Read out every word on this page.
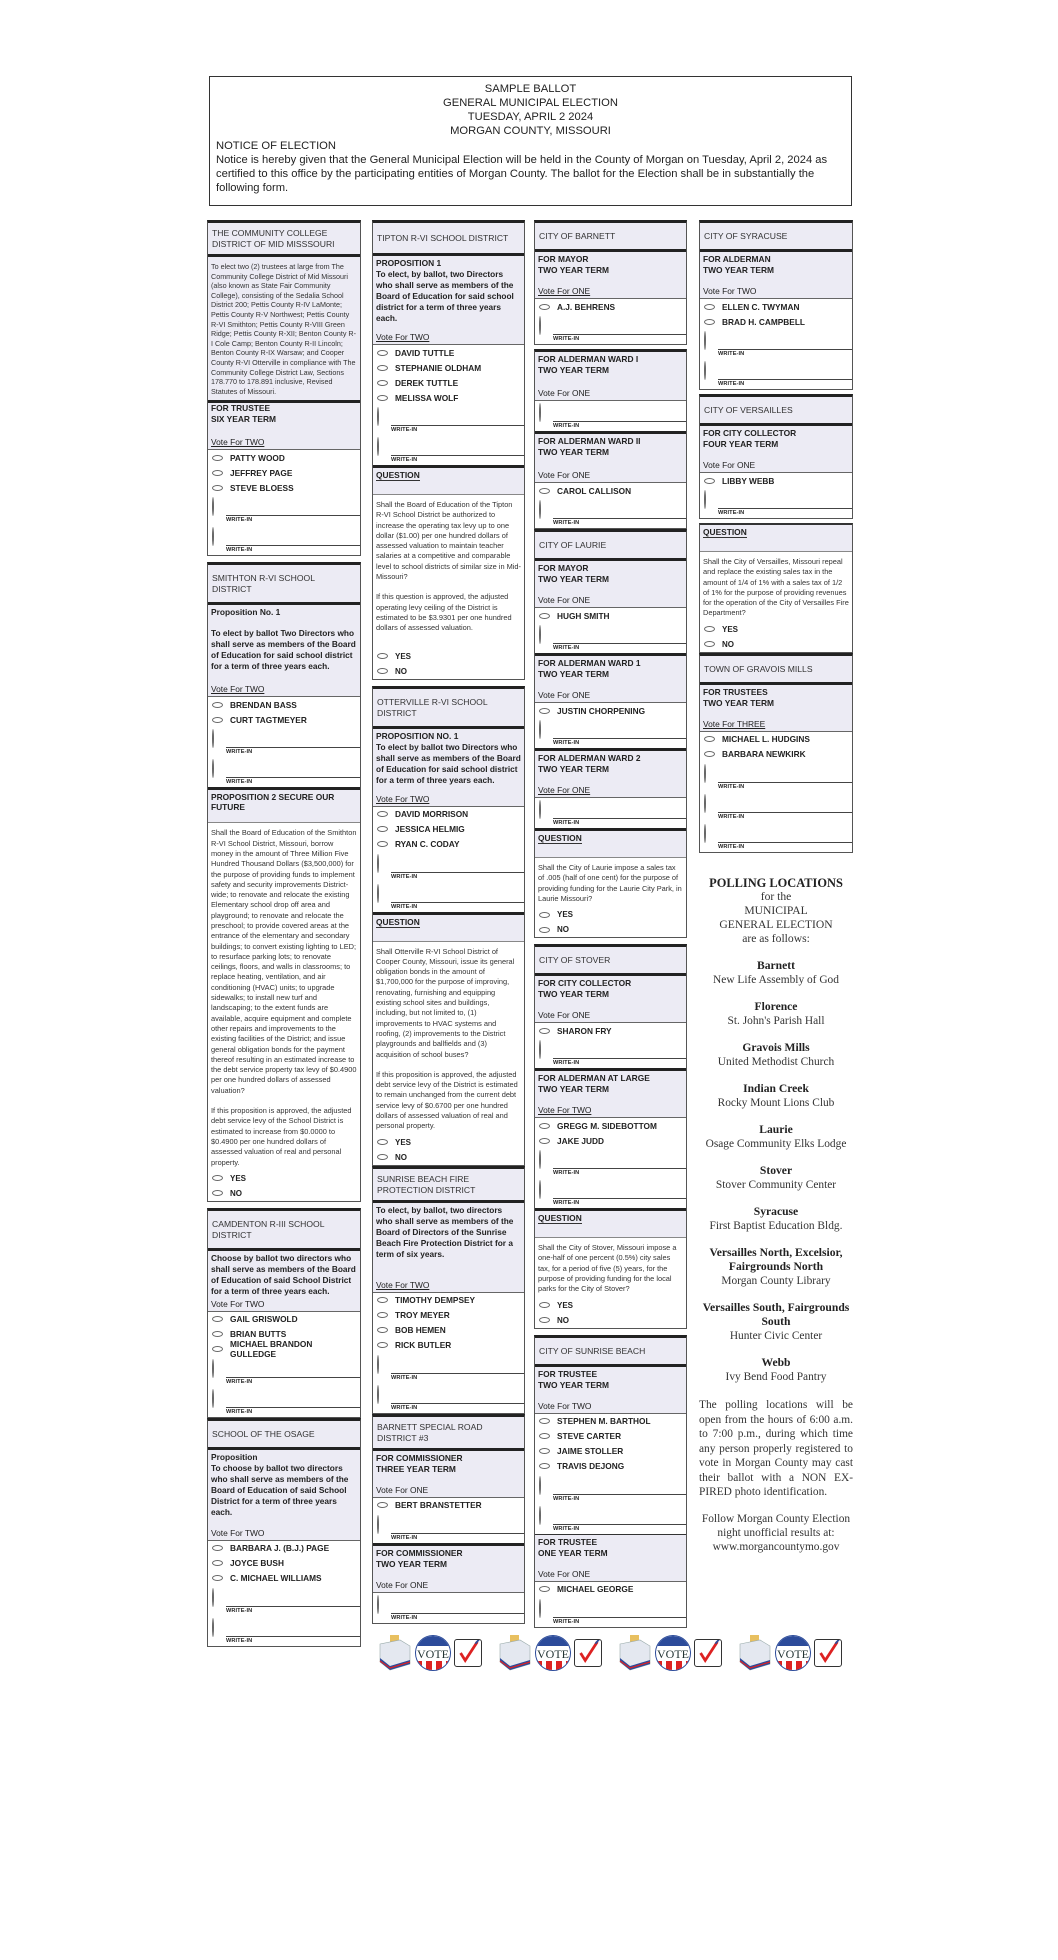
SAMPLE BALLOT
GENERAL MUNICIPAL ELECTION
TUESDAY, APRIL 2 2024
MORGAN COUNTY, MISSOURI
NOTICE OF ELECTION
Notice is hereby given that the General Municipal Election will be held in the County of Morgan on Tuesday, April 2, 2024 as certified to this office by the participating entities of Morgan County. The ballot for the Election shall be in substantially the following form.
THE COMMUNITY COLLEGE DISTRICT OF MID MISSSOURI
To elect two (2) trustees at large from The Community College District of Mid Missouri (also known as State Fair Community College), consisting of the Sedalia School District 200; Pettis County R-IV LaMonte; Pettis County R-V Northwest; Pettis County R-VI Smithton; Pettis County R-VIII Green Ridge; Pettis County R-XII; Benton County R-I Cole Camp; Benton County R-II Lincoln; Benton County R-IX Warsaw; and Cooper County R-VI Otterville in compliance with The Community College District Law, Sections 178.770 to 178.891 inclusive, Revised Statutes of Missouri.
FOR TRUSTEE
SIX YEAR TERM
Vote For TWO
PATTY WOOD
JEFFREY PAGE
STEVE BLOESS
WRITE-IN
WRITE-IN
SMITHTON R-VI SCHOOL DISTRICT
Proposition No. 1
To elect by ballot Two Directors who shall serve as members of the Board of Education for said school district for a term of three years each.
Vote For TWO
BRENDAN BASS
CURT TAGTMEYER
WRITE-IN
WRITE-IN
PROPOSITION 2 SECURE OUR FUTURE

Shall the Board of Education of the Smithton R-VI School District, Missouri, borrow money in the amount of Three Million Five Hundred Thousand Dollars ($3,500,000) for the purpose of providing funds to implement safety and security improvements District-wide; to renovate and relocate the existing Elementary school drop off area and playground; to renovate and relocate the preschool; to provide covered areas at the entrance of the elementary and secondary buildings; to convert existing lighting to LED; to resurface parking lots; to renovate ceilings, floors, and walls in classrooms; to replace heating, ventilation, and air conditioning (HVAC) units; to upgrade sidewalks; to install new turf and landscaping; to the extent funds are available, acquire equipment and complete other repairs and improvements to the existing facilities of the District; and issue general obligation bonds for the payment thereof resulting in an estimated increase to the debt service property tax levy of $0.4900 per one hundred dollars of assessed valuation?

If this proposition is approved, the adjusted debt service levy of the School District is estimated to increase from $0.0000 to $0.4900 per one hundred dollars of assessed valuation of real and personal property.

YES
NO
CAMDENTON R-III SCHOOL DISTRICT
Choose by ballot two directors who shall serve as members of the Board of Education of said School District for a term of three years each.
Vote For TWO
GAIL GRISWOLD
BRIAN BUTTS
MICHAEL BRANDON GULLEDGE
WRITE-IN
WRITE-IN
SCHOOL OF THE OSAGE
Proposition
To choose by ballot two directors who shall serve as members of the Board of Education of said School District for a term of three years each.
Vote For TWO
BARBARA J. (B.J.) PAGE
JOYCE BUSH
C. MICHAEL WILLIAMS
WRITE-IN
WRITE-IN
TIPTON R-VI SCHOOL DISTRICT
PROPOSITION 1
To elect, by ballot, two Directors who shall serve as members of the Board of Education for said school district for a term of three years each.
Vote For TWO
DAVID TUTTLE
STEPHANIE OLDHAM
DEREK TUTTLE
MELISSA WOLF
WRITE-IN
WRITE-IN
QUESTION

Shall the Board of Education of the Tipton R-VI School District be authorized to increase the operating tax levy up to one dollar ($1.00) per one hundred dollars of assessed valuation to maintain teacher salaries at a competitive and comparable level to school districts of similar size in Mid-Missouri?

If this question is approved, the adjusted operating levy ceiling of the District is estimated to be $3.9301 per one hundred dollars of assessed valuation.

YES
NO
OTTERVILLE R-VI SCHOOL DISTRICT
PROPOSITION NO. 1
To elect by ballot two Directors who shall serve as members of the Board of Education for said school district for a term of three years each.
Vote For TWO
DAVID MORRISON
JESSICA HELMIG
RYAN C. CODAY
WRITE-IN
WRITE-IN
QUESTION

Shall Otterville R-VI School District of Cooper County, Missouri, issue its general obligation bonds in the amount of $1,700,000 for the purpose of improving, renovating, furnishing and equipping existing school sites and buildings, including, but not limited to, (1) improvements to HVAC systems and roofing, (2) improvements to the District playgrounds and ballfields and (3) acquisition of school buses?

If this proposition is approved, the adjusted debt service levy of the District is estimated to remain unchanged from the current debt service levy of $0.6700 per one hundred dollars of assessed valuation of real and personal property.

YES
NO
SUNRISE BEACH FIRE PROTECTION DISTRICT
To elect, by ballot, two directors who shall serve as members of the Board of Directors of the Sunrise Beach Fire Protection District for a term of six years.
Vote For TWO
TIMOTHY DEMPSEY
TROY MEYER
BOB HEMEN
RICK BUTLER
WRITE-IN
WRITE-IN
BARNETT SPECIAL ROAD DISTRICT #3
FOR COMMISSIONER
THREE YEAR TERM
Vote For ONE
BERT BRANSTETTER
WRITE-IN
FOR COMMISSIONER
TWO YEAR TERM
Vote For ONE
WRITE-IN
CITY OF BARNETT
FOR MAYOR
TWO YEAR TERM
Vote For ONE
A.J. BEHRENS
WRITE-IN
FOR ALDERMAN WARD I
TWO YEAR TERM
Vote For ONE
WRITE-IN
FOR ALDERMAN WARD II
TWO YEAR TERM
Vote For ONE
CAROL CALLISON
WRITE-IN
CITY OF LAURIE
FOR MAYOR
TWO YEAR TERM
Vote For ONE
HUGH SMITH
WRITE-IN
FOR ALDERMAN WARD 1
TWO YEAR TERM
Vote For ONE
JUSTIN CHORPENING
WRITE-IN
FOR ALDERMAN WARD 2
TWO YEAR TERM
Vote For ONE
WRITE-IN
QUESTION

Shall the City of Laurie impose a sales tax of .005 (half of one cent) for the purpose of providing funding for the Laurie City Park, in Laurie Missouri?

YES
NO
CITY OF STOVER
FOR CITY COLLECTOR
TWO YEAR TERM
Vote For ONE
SHARON FRY
WRITE-IN
FOR ALDERMAN AT LARGE
TWO YEAR TERM
Vote For TWO
GREGG M. SIDEBOTTOM
JAKE JUDD
WRITE-IN
WRITE-IN
QUESTION

Shall the City of Stover, Missouri impose a one-half of one percent (0.5%) city sales tax, for a period of five (5) years, for the purpose of providing funding for the local parks for the City of Stover?

YES
NO
CITY OF SUNRISE BEACH
FOR TRUSTEE
TWO YEAR TERM
Vote For TWO
STEPHEN M. BARTHOL
STEVE CARTER
JAIME STOLLER
TRAVIS DEJONG
WRITE-IN
WRITE-IN
FOR TRUSTEE
ONE YEAR TERM
Vote For ONE
MICHAEL GEORGE
WRITE-IN
CITY OF SYRACUSE
FOR ALDERMAN
TWO YEAR TERM
Vote For TWO
ELLEN C. TWYMAN
BRAD H. CAMPBELL
WRITE-IN
WRITE-IN
CITY OF VERSAILLES
FOR CITY COLLECTOR
FOUR YEAR TERM
Vote For ONE
LIBBY WEBB
WRITE-IN
QUESTION

Shall the City of Versailles, Missouri repeal and replace the existing sales tax in the amount of 1/4 of 1% with a sales tax of 1/2 of 1% for the purpose of providing revenues for the operation of the City of Versailles Fire Department?

YES
NO
TOWN OF GRAVOIS MILLS
FOR TRUSTEES
TWO YEAR TERM
Vote For THREE
MICHAEL L. HUDGINS
BARBARA NEWKIRK
WRITE-IN
WRITE-IN
WRITE-IN
POLLING LOCATIONS
for the
MUNICIPAL
GENERAL ELECTION
are as follows:
Barnett
New Life Assembly of God
Florence
St. John's Parish Hall
Gravois Mills
United Methodist Church
Indian Creek
Rocky Mount Lions Club
Laurie
Osage Community Elks Lodge
Stover
Stover Community Center
Syracuse
First Baptist Education Bldg.
Versailles North, Excelsior, Fairgrounds North
Morgan County Library
Versailles South, Fairgrounds South
Hunter Civic Center
Webb
Ivy Bend Food Pantry
The polling locations will be open from the hours of 6:00 a.m. to 7:00 p.m., during which time any person properly registered to vote in Morgan County may cast their ballot with a NON EX-PIRED photo identification.
Follow Morgan County Election night unofficial results at: www.morgancountymo.gov
VOTE	VOTE	VOTE	VOTE
